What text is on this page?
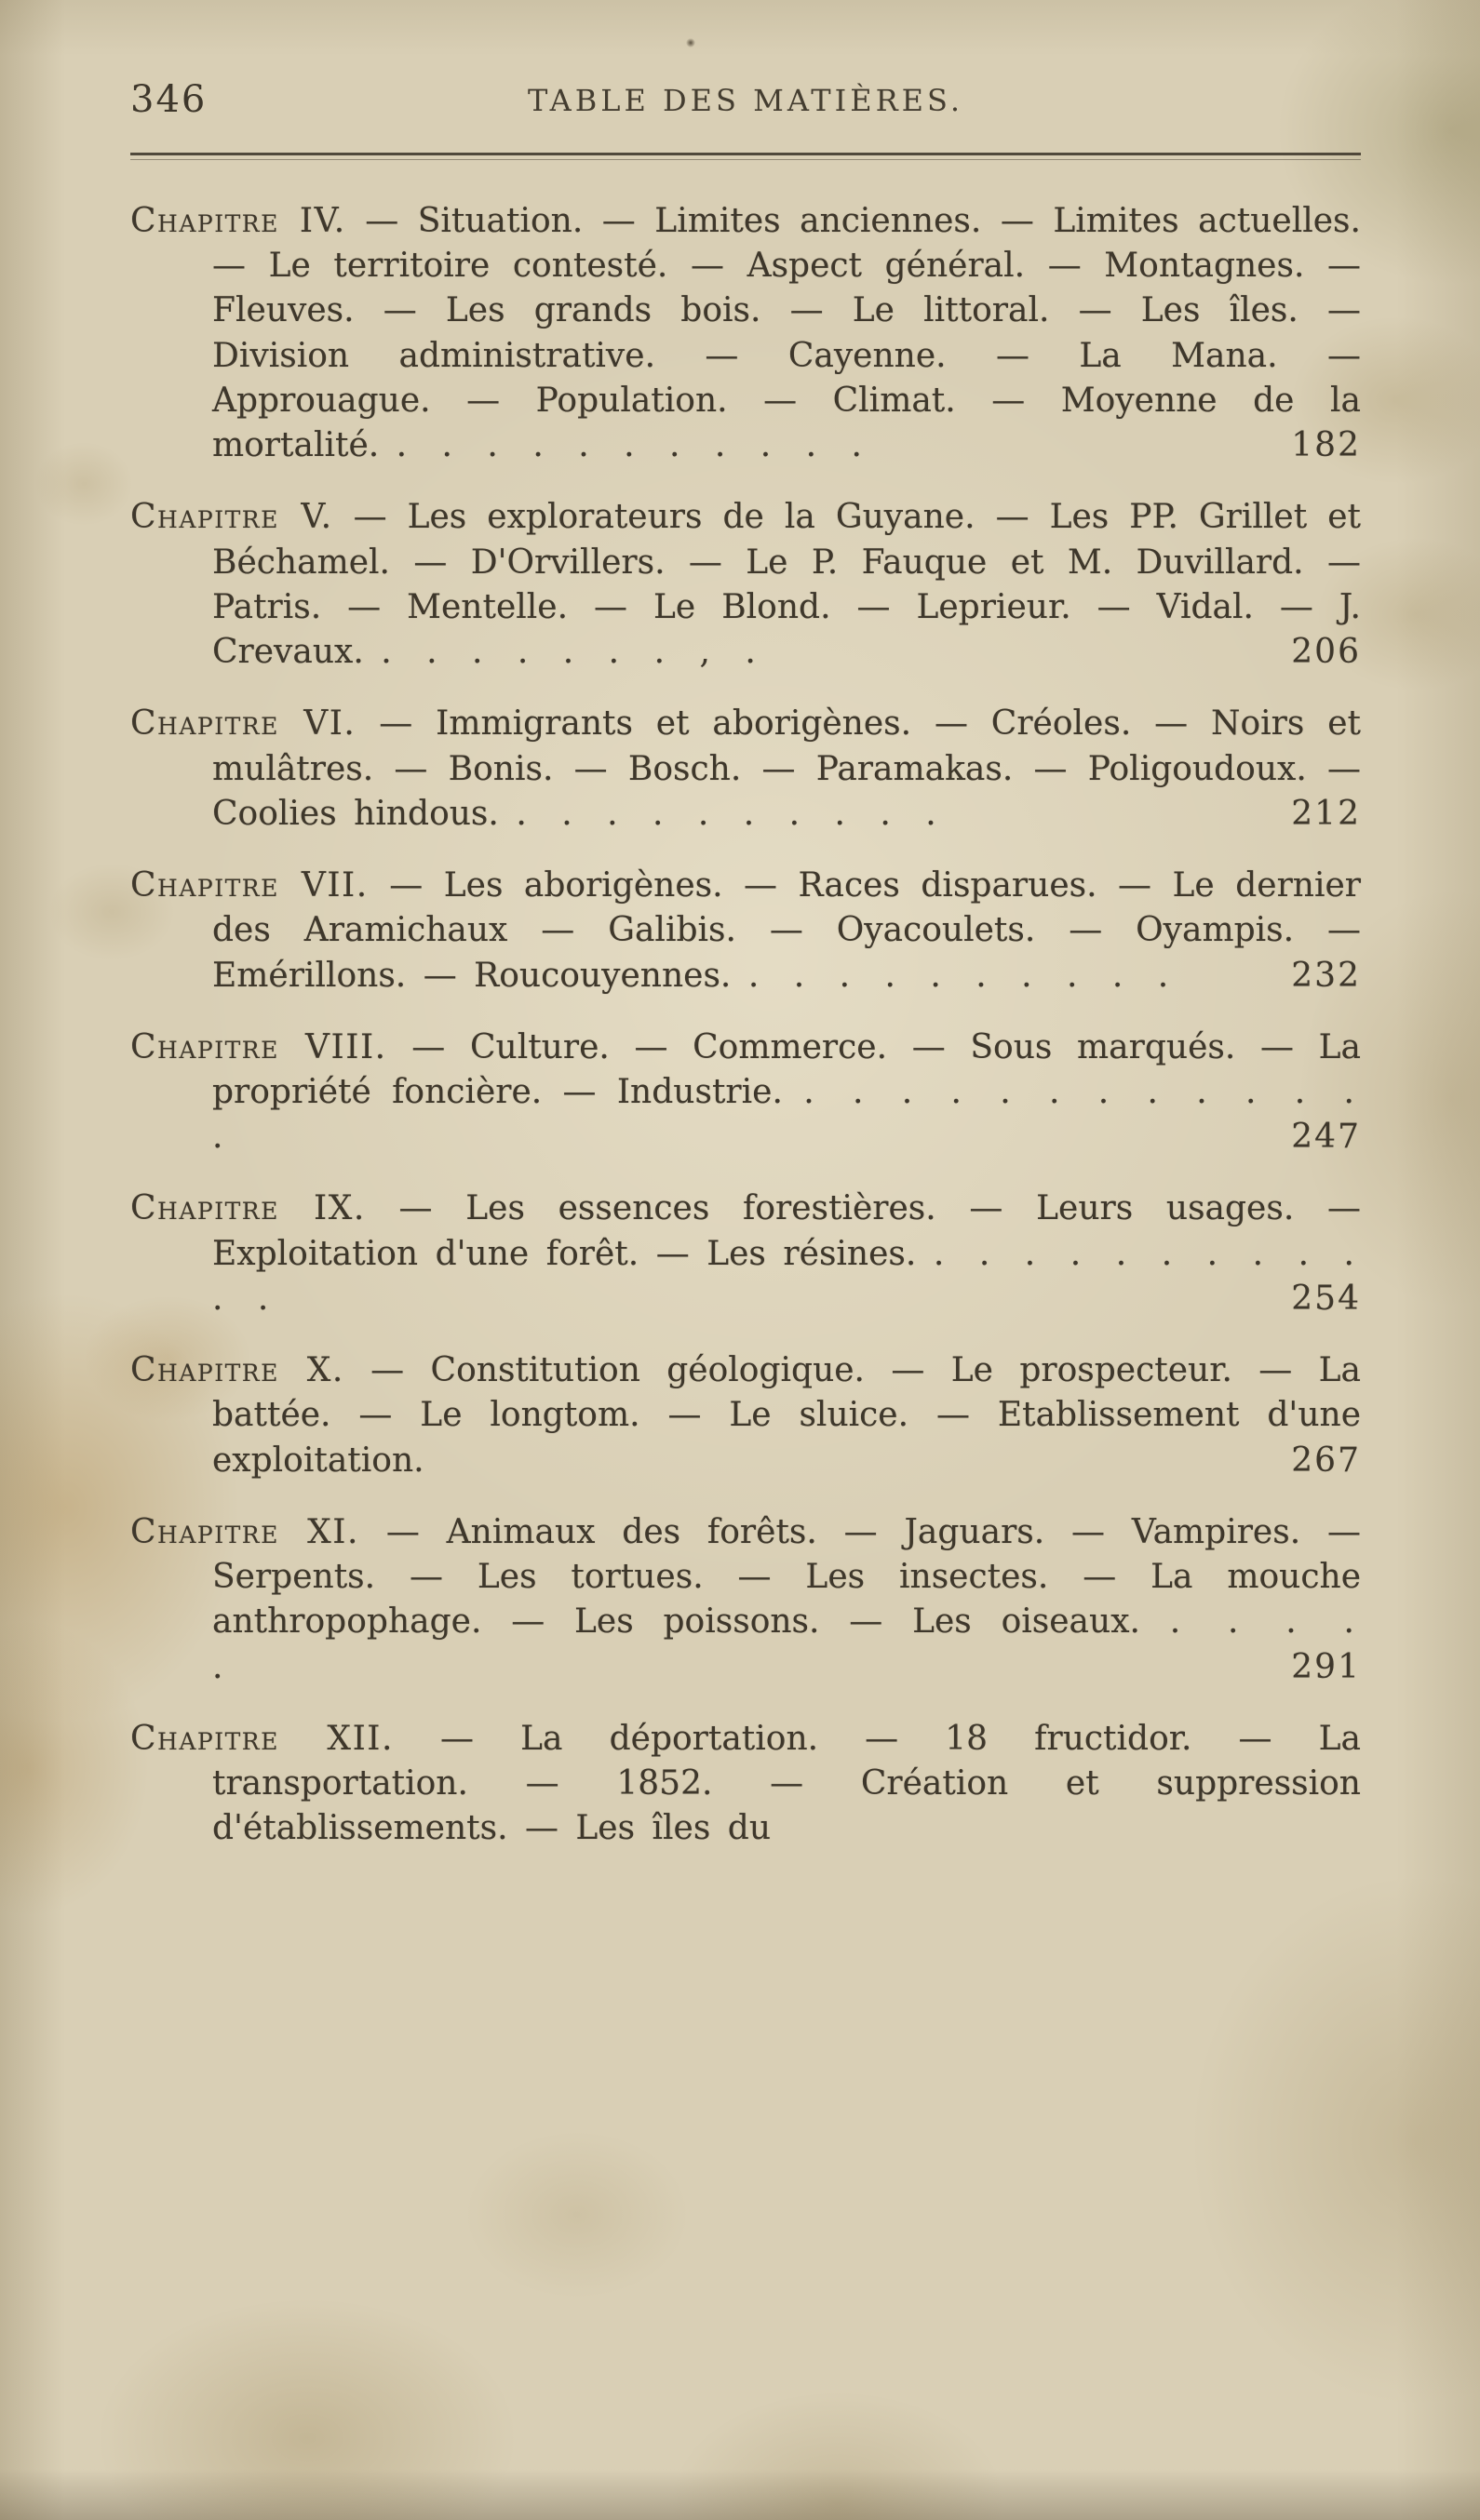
346	TABLE DES MATIÈRES.
Chapitre IV. — Situation. — Limites anciennes. — Limites actuelles. — Le territoire contesté. — Aspect général. — Montagnes. — Fleuves. — Les grands bois. — Le littoral. — Les îles. — Division administrative. — Cayenne. — La Mana. — Approuague. — Population. — Climat. — Moyenne de la mortalité. . . . . . . . . . . .	182
Chapitre V. — Les explorateurs de la Guyane. — Les PP. Grillet et Béchamel. — D'Orvillers. — Le P. Fauque et M. Duvillard. — Patris. — Mentelle. — Le Blond. — Leprieur. — Vidal. — J. Crevaux. . . . . . . . , .	206
Chapitre VI. — Immigrants et aborigènes. — Créoles. — Noirs et mulâtres. — Bonis. — Bosch. — Paramakas. — Poligoudoux. — Coolies hindous. . . . . . . . . . .	212
Chapitre VII. — Les aborigènes. — Races disparues. — Le dernier des Aramichaux — Galibis. — Oyacoulets. — Oyampis. — Emérillons. — Roucouyennes. . . . . . . . . . .	232
Chapitre VIII. — Culture. — Commerce. — Sous marqués. — La propriété foncière. — Industrie. . . . . . . . . . . . . .	247
Chapitre IX. — Les essences forestières. — Leurs usages. — Exploitation d'une forêt. — Les résines. . . . . . . . . . . . .	254
Chapitre X. — Constitution géologique. — Le prospecteur. — La battée. — Le longtom. — Le sluice. — Etablissement d'une exploitation.	267
Chapitre XI. — Animaux des forêts. — Jaguars. — Vampires. — Serpents. — Les tortues. — Les insectes. — La mouche anthropophage. — Les poissons. — Les oiseaux. . . . . .	291
Chapitre XII. — La déportation. — 18 fructidor. — La transportation. — 1852. — Création et suppression d'établissements. — Les îles du
